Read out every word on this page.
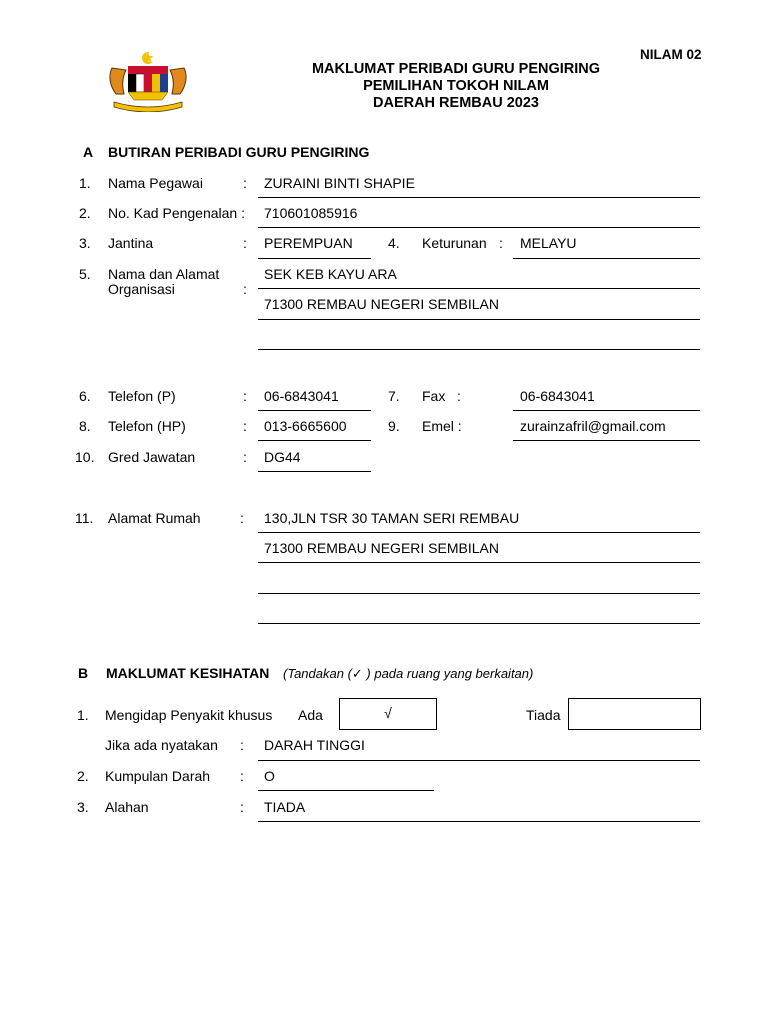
NILAM 02
MAKLUMAT PERIBADI GURU PENGIRING
PEMILIHAN TOKOH NILAM
DAERAH REMBAU 2023
A BUTIRAN PERIBADI GURU PENGIRING
1. Nama Pegawai	: ZURAINI BINTI SHAPIE
2. No. Kad Pengenalan : 710601085916
3. Jantina	: PEREMPUAN	4. Keturunan : MELAYU
5. Nama dan Alamat
Organisasi	:
SEK KEB KAYU ARA
71300 REMBAU NEGERI SEMBILAN
6. Telefon (P)	: 06-6843041	7. Fax :	06-6843041
8. Telefon (HP)	: 013-6665600	9. Emel :	zurainzafril@gmail.com
10. Gred Jawatan	: DG44
11. Alamat Rumah	: 130,JLN TSR 30 TAMAN SERI REMBAU
71300 REMBAU NEGERI SEMBILAN
B MAKLUMAT KESIHATAN (Tandakan (✓ ) pada ruang yang berkaitan)
1. Mengidap Penyakit khusus Ada	√	Tiada
Jika ada nyatakan : DARAH TINGGI
2. Kumpulan Darah : O
3. Alahan	: TIADA
